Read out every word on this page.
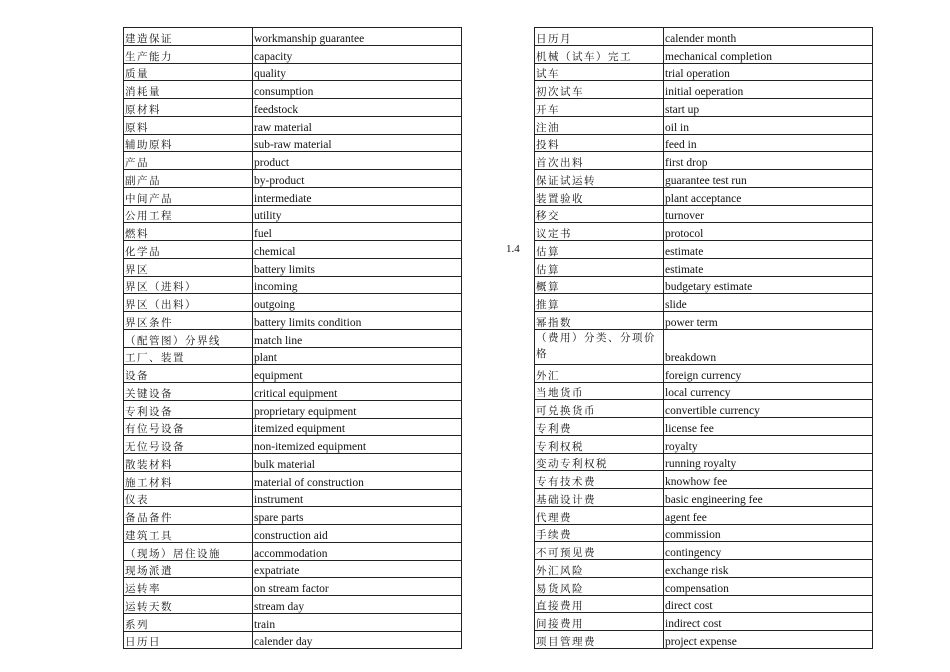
建造保证	workmanship guarantee
生产能力	capacity
质量	quality
消耗量	consumption
原材料	feedstock
原料	raw material
辅助原料	sub-raw material
产品	product
副产品	by-product
中间产品	intermediate
公用工程	utility
燃料	fuel
化学品	chemical
界区	battery limits
界区（进料）	incoming
界区（出料）	outgoing
界区条件	battery limits condition
（配管图）分界线	match line
工厂、装置	plant
设备	equipment
关键设备	critical equipment
专利设备	proprietary equipment
有位号设备	itemized equipment
无位号设备	non-itemized equipment
散装材料	bulk material
施工材料	material of construction
仪表	instrument
备品备件	spare parts
建筑工具	construction aid
（现场）居住设施	accommodation
现场派遣	expatriate
运转率	on stream factor
运转天数	stream day
系列	train
日历日	calender day
1.4
日历月	calender month
机械（试车）完工	mechanical completion
试车	trial operation
初次试车	initial oeperation
开车	start up
注油	oil in
投料	feed in
首次出料	first drop
保证试运转	guarantee test run
装置验收	plant acceptance
移交	turnover
议定书	protocol
估算	estimate
估算	estimate
概算	budgetary estimate
推算	slide
幂指数	power term
（费用）分类、分项价格	breakdown
外汇	foreign currency
当地货币	local currency
可兑换货币	convertible currency
专利费	license fee
专利权税	royalty
变动专利权税	running royalty
专有技术费	knowhow fee
基础设计费	basic engineering fee
代理费	agent fee
手续费	commission
不可预见费	contingency
外汇风险	exchange risk
易货风险	compensation
直接费用	direct cost
间接费用	indirect cost
项目管理费	project expense
